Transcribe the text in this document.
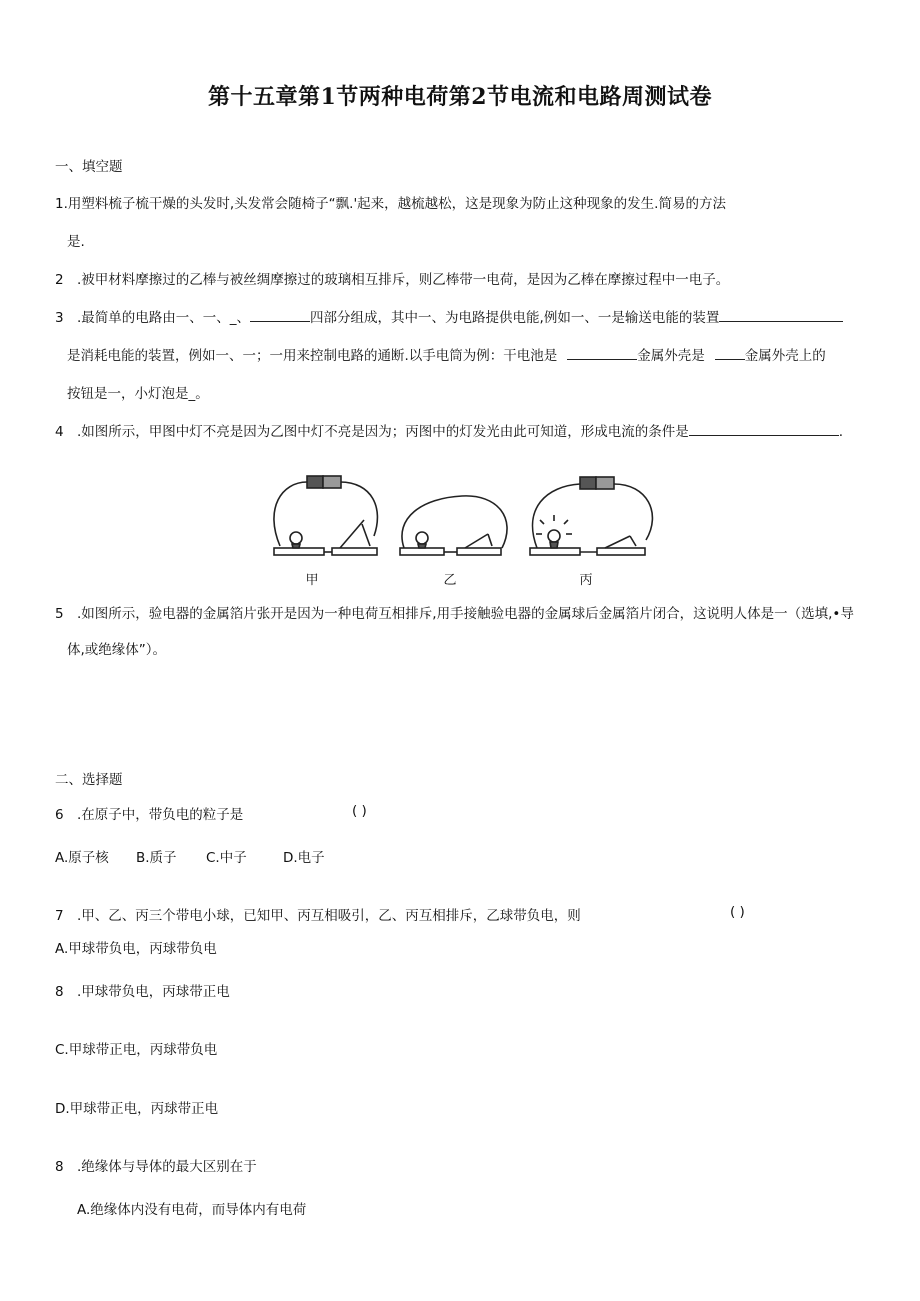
第十五章第1节两种电荷第2节电流和电路周测试卷
一、填空题
1.用塑料梳子梳干燥的头发时,头发常会随椅子“飘.'起来，越梳越松，这是现象为防止这种现象的发生.简易的方法
是.
2 .被甲材料摩擦过的乙棒与被丝绸摩擦过的玻璃相互排斥，则乙棒带一电荷，是因为乙棒在摩擦过程中一电子。
3 .最简单的电路由一、一、_、	四部分组成，其中一、为电路提供电能,例如一、一是输送电能的装置
是消耗电能的装置，例如一、一；一用来控制电路的通断.以手电筒为例：干电池是	金属外壳是	金属外壳上的
按钮是一，小灯泡是_。
4 .如图所示，甲图中灯不亮是因为乙图中灯不亮是因为；丙图中的灯发光由此可知道，形成电流的条件是	.
甲	乙	丙
5 .如图所示，验电器的金属箔片张开是因为一种电荷互相排斥,用手接触验电器的金属球后金属箔片闭合，这说明人体是一（选填,•导
体,或绝缘体”）。
二、选择题
6 .在原子中，带负电的粒子是	( )
A.原子核 B.质子 C.中子	D.电子
7 .甲、乙、丙三个带电小球，已知甲、丙互相吸引，乙、丙互相排斥，乙球带负电，则	( )
A.甲球带负电，丙球带负电
8 .甲球带负电，丙球带正电
C.甲球带正电，丙球带负电
D.甲球带正电，丙球带正电
8 .绝缘体与导体的最大区别在于
A.绝缘体内没有电荷，而导体内有电荷
